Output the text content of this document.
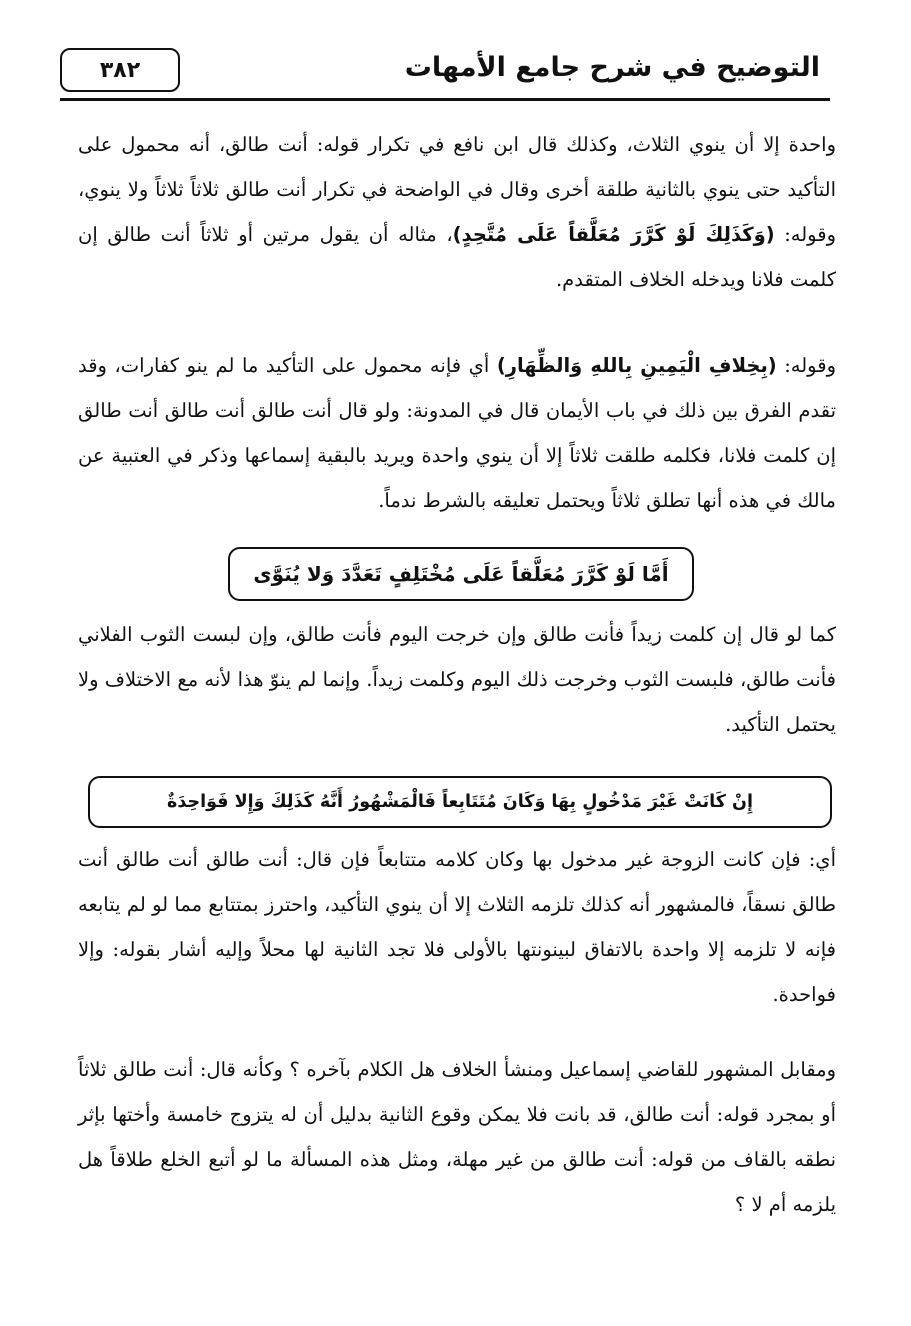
التوضيح في شرح جامع الأمهات
٣٨٢
واحدة إلا أن ينوي الثلاث، وكذلك قال ابن نافع في تكرار قوله: أنت طالق، أنه محمول على التأكيد حتى ينوي بالثانية طلقة أخرى وقال في الواضحة في تكرار أنت طالق ثلاثاً ثلاثاً ولا ينوي، وقوله: (وَكَذَلِكَ لَوْ كَرَّرَ مُعَلَّقاً عَلَى مُتَّحِدٍ)، مثاله أن يقول مرتين أو ثلاثاً أنت طالق إن كلمت فلانا ويدخله الخلاف المتقدم.
وقوله: (بِخِلافِ الْيَمِينِ بِاللهِ وَالظِّهَارِ) أي فإنه محمول على التأكيد ما لم ينو كفارات، وقد تقدم الفرق بين ذلك في باب الأيمان قال في المدونة: ولو قال أنت طالق أنت طالق أنت طالق إن كلمت فلانا، فكلمه طلقت ثلاثاً إلا أن ينوي واحدة ويريد بالبقية إسماعها وذكر في العتبية عن مالك في هذه أنها تطلق ثلاثاً ويحتمل تعليقه بالشرط ندماً.
أَمَّا لَوْ كَرَّرَ مُعَلَّقاً عَلَى مُخْتَلِفٍ تَعَدَّدَ وَلا يُنَوَّى
كما لو قال إن كلمت زيداً فأنت طالق وإن خرجت اليوم فأنت طالق، وإن لبست الثوب الفلاني فأنت طالق، فلبست الثوب وخرجت ذلك اليوم وكلمت زيداً. وإنما لم ينوّ هذا لأنه مع الاختلاف ولا يحتمل التأكيد.
إِنْ كَانَتْ غَيْرَ مَدْخُولٍ بِهَا وَكَانَ مُتَتَابِعاً فَالْمَشْهُورُ أَنَّهُ كَذَلِكَ وَإِلا فَوَاحِدَةٌ
أي: فإن كانت الزوجة غير مدخول بها وكان كلامه متتابعاً فإن قال: أنت طالق أنت طالق أنت طالق نسقاً، فالمشهور أنه كذلك تلزمه الثلاث إلا أن ينوي التأكيد، واحترز بمتتابع مما لو لم يتابعه فإنه لا تلزمه إلا واحدة بالاتفاق لبينونتها بالأولى فلا تجد الثانية لها محلاً وإليه أشار بقوله: وإلا فواحدة.
ومقابل المشهور للقاضي إسماعيل ومنشأ الخلاف هل الكلام بآخره ؟ وكأنه قال: أنت طالق ثلاثاً أو بمجرد قوله: أنت طالق، قد بانت فلا يمكن وقوع الثانية بدليل أن له يتزوج خامسة وأختها بإثر نطقه بالقاف من قوله: أنت طالق من غير مهلة، ومثل هذه المسألة ما لو أتبع الخلع طلاقاً هل يلزمه أم لا ؟
